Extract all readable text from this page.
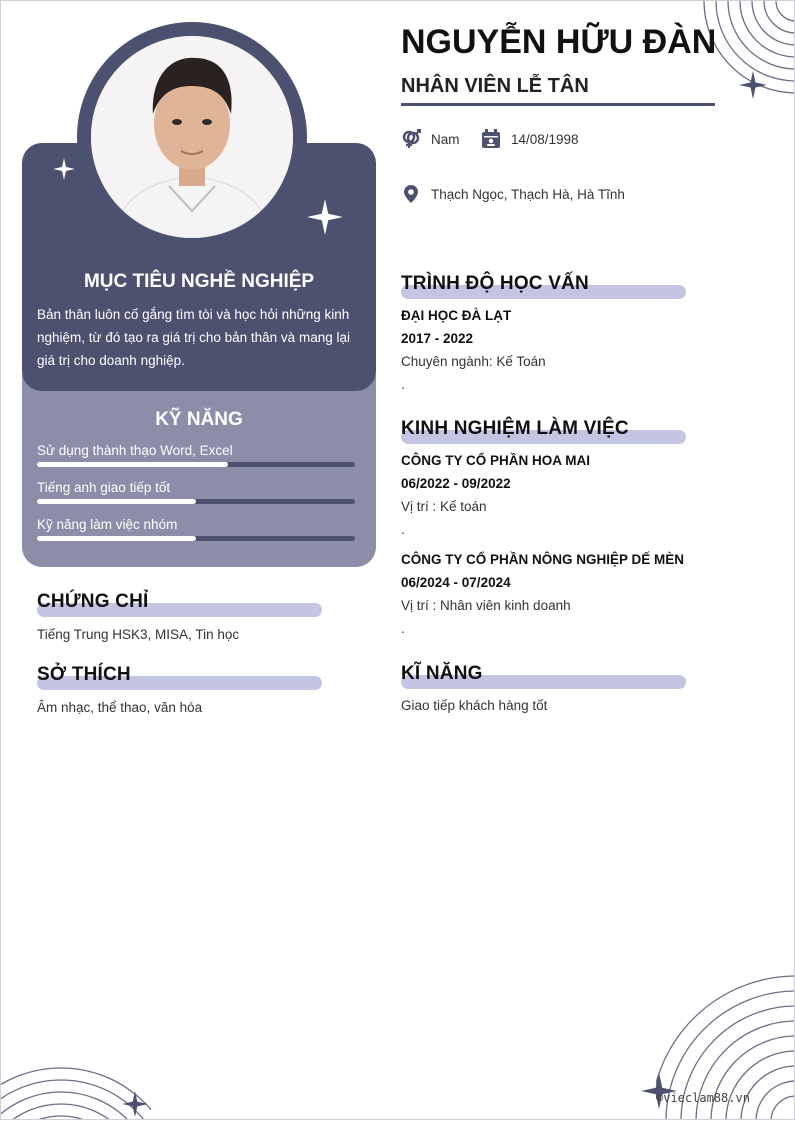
KỸ NĂNG
Sử dụng thành thạo Word, Excel
Tiếng anh giao tiếp tốt
Kỹ năng làm việc nhóm
MỤC TIÊU NGHỀ NGHIỆP
Bản thân luôn cố gắng tìm tòi và học hỏi những kinh nghiệm, từ đó tạo ra giá trị cho bản thân và mang lại giá trị cho doanh nghiệp.
CHỨNG CHỈ
Tiếng Trung HSK3, MISA, Tin học
SỞ THÍCH
Âm nhạc, thể thao, văn hóa
NGUYỄN HỮU ĐÀN
NHÂN VIÊN LỄ TÂN
Nam	14/08/1998
Thạch Ngọc, Thạch Hà, Hà Tĩnh
TRÌNH ĐỘ HỌC VẤN
ĐẠI HỌC ĐÀ LẠT
2017 - 2022
Chuyên ngành: Kế Toán
.
KINH NGHIỆM LÀM VIỆC
CÔNG TY CỔ PHẦN HOA MAI
06/2022 - 09/2022
Vị trí : Kế toán
.
CÔNG TY CỔ PHẦN NÔNG NGHIỆP DẾ MÈN
06/2024 - 07/2024
Vị trí : Nhân viên kinh doanh
.
KĨ NĂNG
Giao tiếp khách hàng tốt
©vieclam88.vn
